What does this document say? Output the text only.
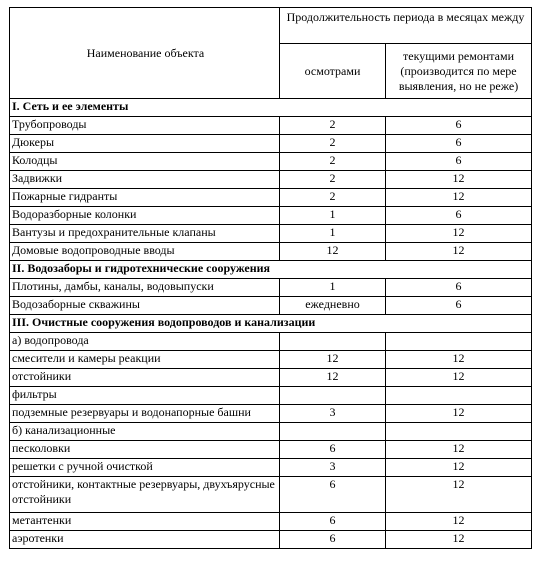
Наименование объекта	Продолжительность периода в месяцах между	
	осмотрами	текущими ремонтами (производится по мере выявления, но не реже)
I. Сеть и ее элементы		
Трубопроводы	2	6
Дюкеры	2	6
Колодцы	2	6
Задвижки	2	12
Пожарные гидранты	2	12
Водоразборные колонки	1	6
Вантузы и предохранительные клапаны	1	12
Домовые водопроводные вводы	12	12
II. Водозаборы и гидротехнические сооружения		
Плотины, дамбы, каналы, водовыпуски	1	6
Водозаборные скважины	ежедневно	6
III. Очистные сооружения водопроводов и канализации		
а) водопровода		
смесители и камеры реакции	12	12
отстойники	12	12
фильтры		
подземные резервуары и водонапорные башни	3	12
б) канализационные		
песколовки	6	12
решетки с ручной очисткой	3	12
отстойники, контактные резервуары, двухъярусные отстойники	6	12
метантенки	6	12
аэротенки	6	12
